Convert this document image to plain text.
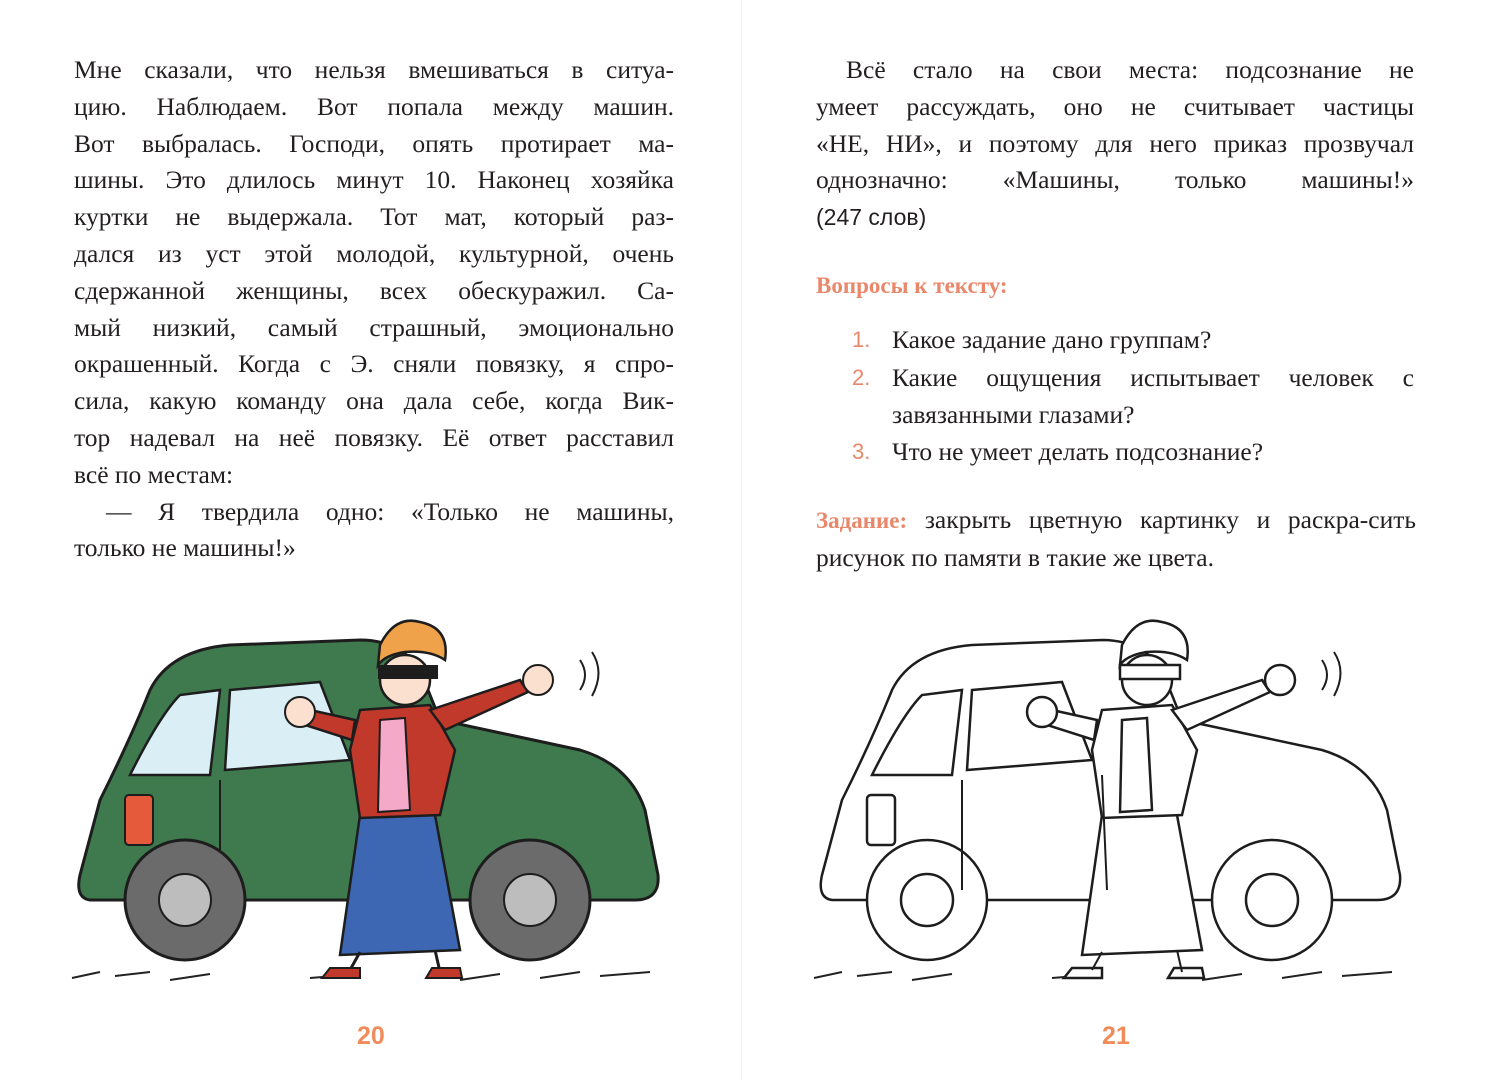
Мне сказали, что нельзя вмешиваться в ситуа-

цию. Наблюдаем. Вот попала между машин.

Вот выбралась. Господи, опять протирает ма-

шины. Это длилось минут 10. Наконец хозяйка

куртки не выдержала. Тот мат, который раз-

дался из уст этой молодой, культурной, очень

сдержанной женщины, всех обескуражил. Са-

мый низкий, самый страшный, эмоционально

окрашенный. Когда с Э. сняли повязку, я спро-

сила, какую команду она дала себе, когда Вик-

тор надевал на неё повязку. Её ответ расставил

всё по местам:

— Я твердила одно: «Только не машины,

только не машины!»

20

Всё стало на свои места: подсознание не

умеет рассуждать, оно не считывает частицы

«НЕ, НИ», и поэтому для него приказ прозвучал

однозначно: «Машины, только машины!»

(247 слов)

Вопросы к тексту:
1. Какое задание дано группам?
2. Какие ощущения испытывает человек с завязанными глазами?
3. Что не умеет делать подсознание?
Задание: закрыть цветную картинку и раскра-сить рисунок по памяти в такие же цвета.
21
